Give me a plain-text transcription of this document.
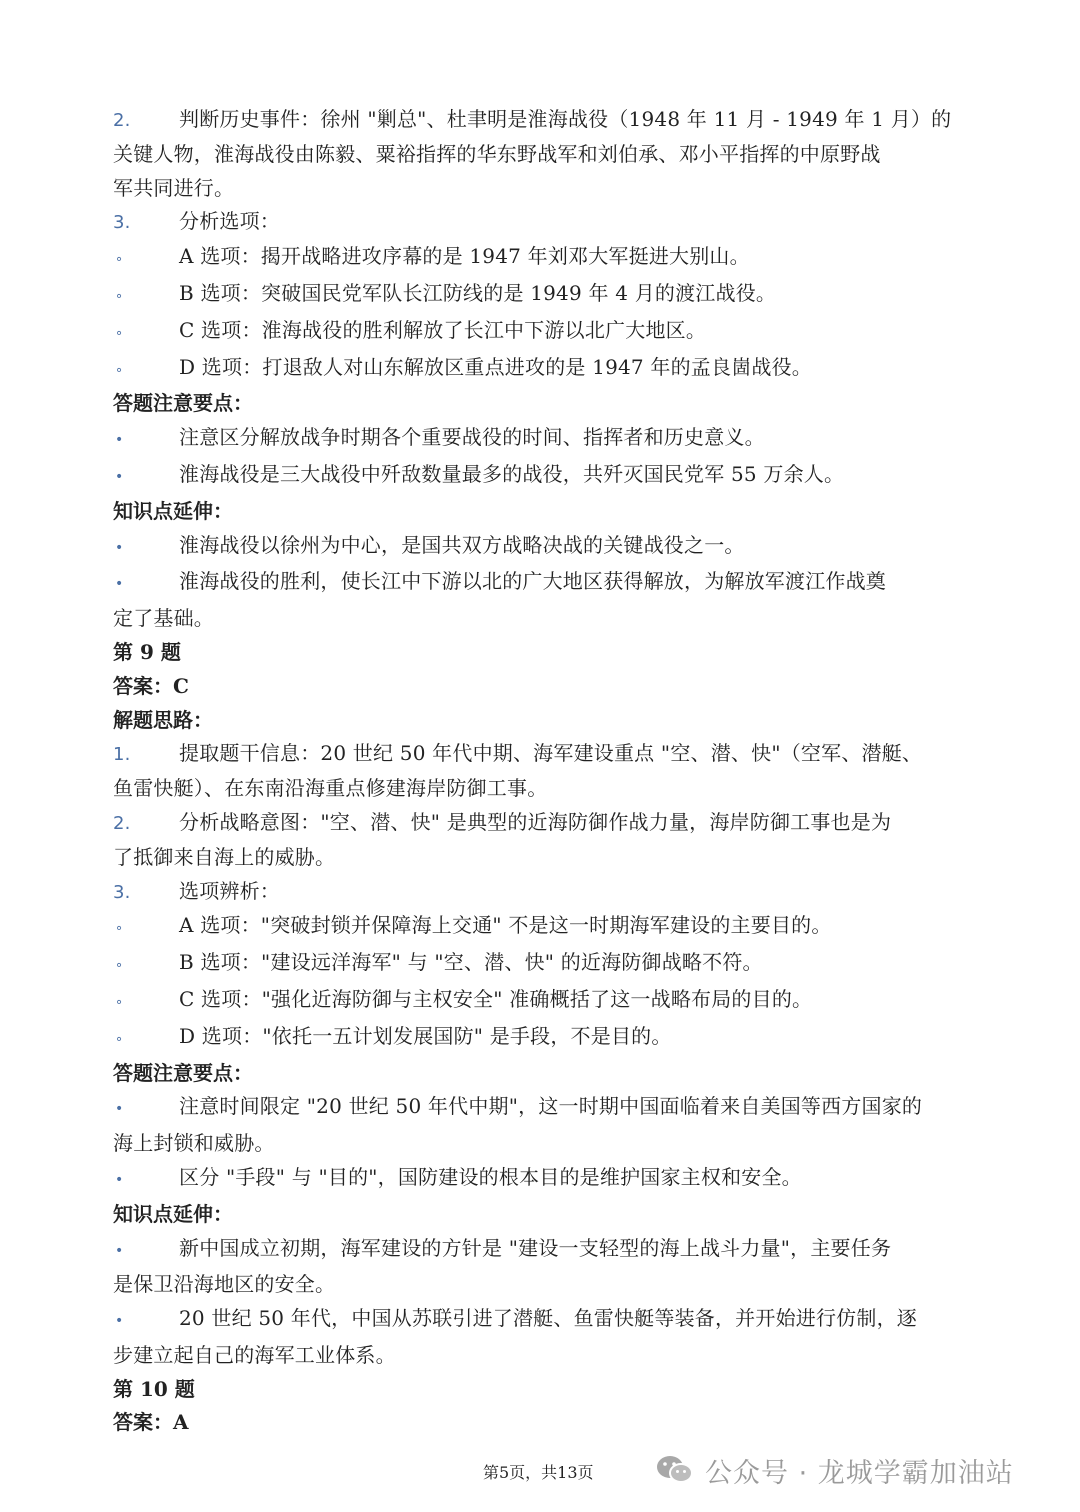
2. 判断历史事件：徐州 "剿总"、杜聿明是淮海战役（1948 年 11 月 - 1949 年 1 月）的
关键人物，淮海战役由陈毅、粟裕指挥的华东野战军和刘伯承、邓小平指挥的中原野战
军共同进行。
3. 分析选项：
∘	A 选项：揭开战略进攻序幕的是 1947 年刘邓大军挺进大别山。
∘	B 选项：突破国民党军队长江防线的是 1949 年 4 月的渡江战役。
∘	C 选项：淮海战役的胜利解放了长江中下游以北广大地区。
∘	D 选项：打退敌人对山东解放区重点进攻的是 1947 年的孟良崮战役。
答题注意要点：
•	注意区分解放战争时期各个重要战役的时间、指挥者和历史意义。
•	淮海战役是三大战役中歼敌数量最多的战役，共歼灭国民党军 55 万余人。
知识点延伸：
•	淮海战役以徐州为中心，是国共双方战略决战的关键战役之一。
•	淮海战役的胜利，使长江中下游以北的广大地区获得解放，为解放军渡江作战奠
定了基础。
第 9 题
答案：C
解题思路：
1. 提取题干信息：20 世纪 50 年代中期、海军建设重点 "空、潜、快"（空军、潜艇、
鱼雷快艇）、在东南沿海重点修建海岸防御工事。
2. 分析战略意图："空、潜、快" 是典型的近海防御作战力量，海岸防御工事也是为
了抵御来自海上的威胁。
3. 选项辨析：
∘	A 选项："突破封锁并保障海上交通" 不是这一时期海军建设的主要目的。
∘	B 选项："建设远洋海军" 与 "空、潜、快" 的近海防御战略不符。
∘	C 选项："强化近海防御与主权安全" 准确概括了这一战略布局的目的。
∘	D 选项："依托一五计划发展国防" 是手段，不是目的。
答题注意要点：
•	注意时间限定 "20 世纪 50 年代中期"，这一时期中国面临着来自美国等西方国家的
海上封锁和威胁。
•	区分 "手段" 与 "目的"，国防建设的根本目的是维护国家主权和安全。
知识点延伸：
•	新中国成立初期，海军建设的方针是 "建设一支轻型的海上战斗力量"，主要任务
是保卫沿海地区的安全。
•	20 世纪 50 年代，中国从苏联引进了潜艇、鱼雷快艇等装备，并开始进行仿制，逐
步建立起自己的海军工业体系。
第 10 题
答案：A
第5页，共13页	公众号 · 龙城学霸加油站
